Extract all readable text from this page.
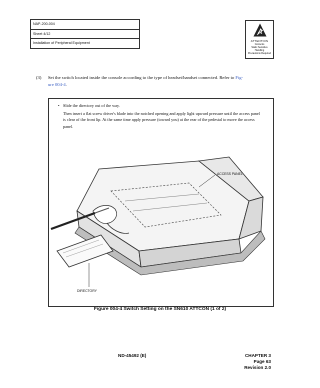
NAP-200-004
Sheet 4/12
Installation of Peripheral Equipment
ATTENTION
Contents
Static Sensitive
Handling
Precautions Required
(3) Set the switch located inside the console according to the type of headset/handset connected. Refer to Fig-
ure 004-4.
• Slide the directory out of the way.

Then insert a flat screw driver's blade into the notched opening and apply light upward pressure until the access panel is clear of the front lip. At the same time apply pressure (toward you) at the rear of the pedestal to move the access panel.

ACCESS PANEL
DIRECTORY
Figure 004-4 Switch Setting on the SN610 ATTCON (1 of 2)
ND-45492 (E)	CHAPTER 3
Page 63
Revision 2.0
